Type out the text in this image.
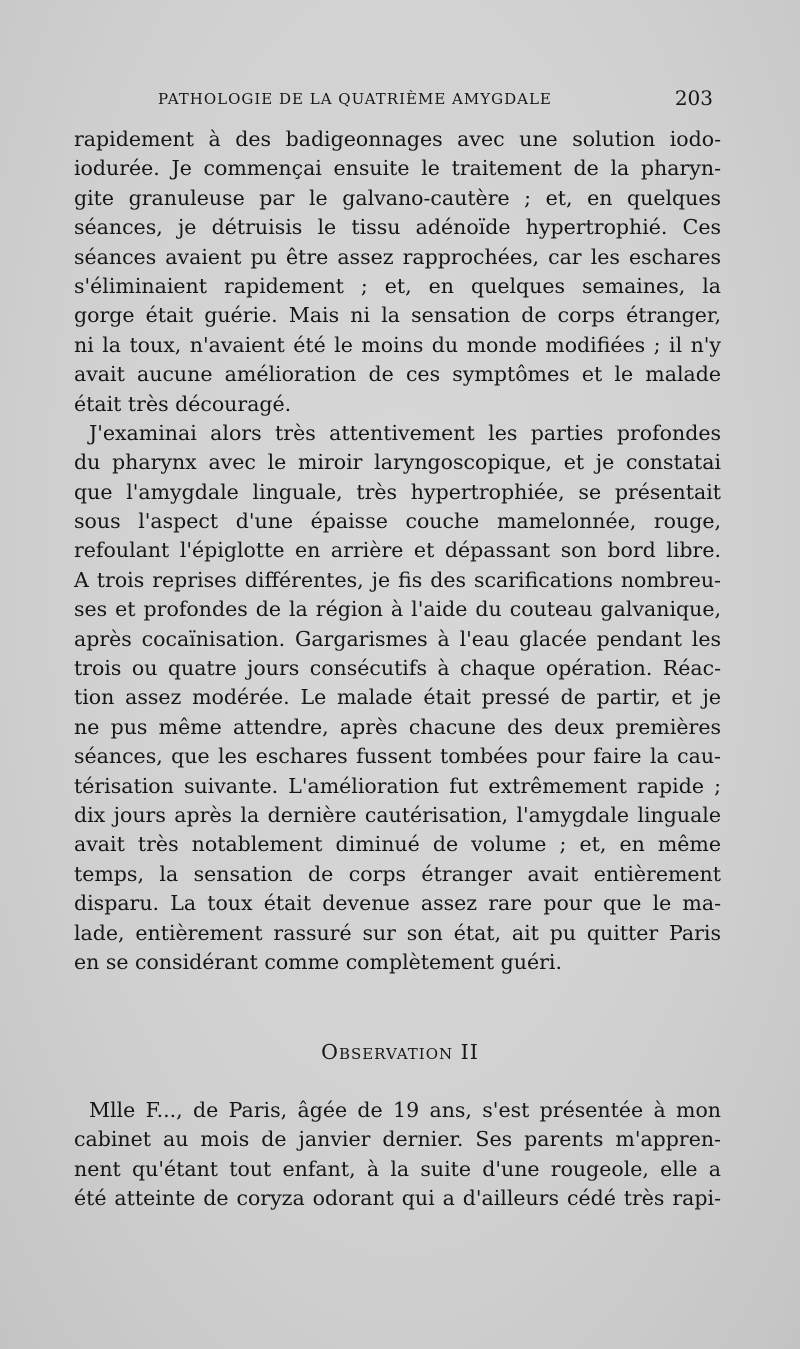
PATHOLOGIE DE LA QUATRIÈME AMYGDALE	203
rapidement à des badigeonnages avec une solution iodo-
iodurée. Je commençai ensuite le traitement de la pharyn-
gite granuleuse par le galvano-cautère ; et, en quelques
séances, je détruisis le tissu adénoïde hypertrophié. Ces
séances avaient pu être assez rapprochées, car les eschares
s'éliminaient rapidement ; et, en quelques semaines, la
gorge était guérie. Mais ni la sensation de corps étranger,
ni la toux, n'avaient été le moins du monde modifiées ; il n'y
avait aucune amélioration de ces symptômes et le malade
était très découragé.
J'examinai alors très attentivement les parties profondes
du pharynx avec le miroir laryngoscopique, et je constatai
que l'amygdale linguale, très hypertrophiée, se présentait
sous l'aspect d'une épaisse couche mamelonnée, rouge,
refoulant l'épiglotte en arrière et dépassant son bord libre.
A trois reprises différentes, je fis des scarifications nombreu-
ses et profondes de la région à l'aide du couteau galvanique,
après cocaïnisation. Gargarismes à l'eau glacée pendant les
trois ou quatre jours consécutifs à chaque opération. Réac-
tion assez modérée. Le malade était pressé de partir, et je
ne pus même attendre, après chacune des deux premières
séances, que les eschares fussent tombées pour faire la cau-
térisation suivante. L'amélioration fut extrêmement rapide ;
dix jours après la dernière cautérisation, l'amygdale linguale
avait très notablement diminué de volume ; et, en même
temps, la sensation de corps étranger avait entièrement
disparu. La toux était devenue assez rare pour que le ma-
lade, entièrement rassuré sur son état, ait pu quitter Paris
en se considérant comme complètement guéri.
OBSERVATION II
Mlle F..., de Paris, âgée de 19 ans, s'est présentée à mon
cabinet au mois de janvier dernier. Ses parents m'appren-
nent qu'étant tout enfant, à la suite d'une rougeole, elle a
été atteinte de coryza odorant qui a d'ailleurs cédé très rapi-
